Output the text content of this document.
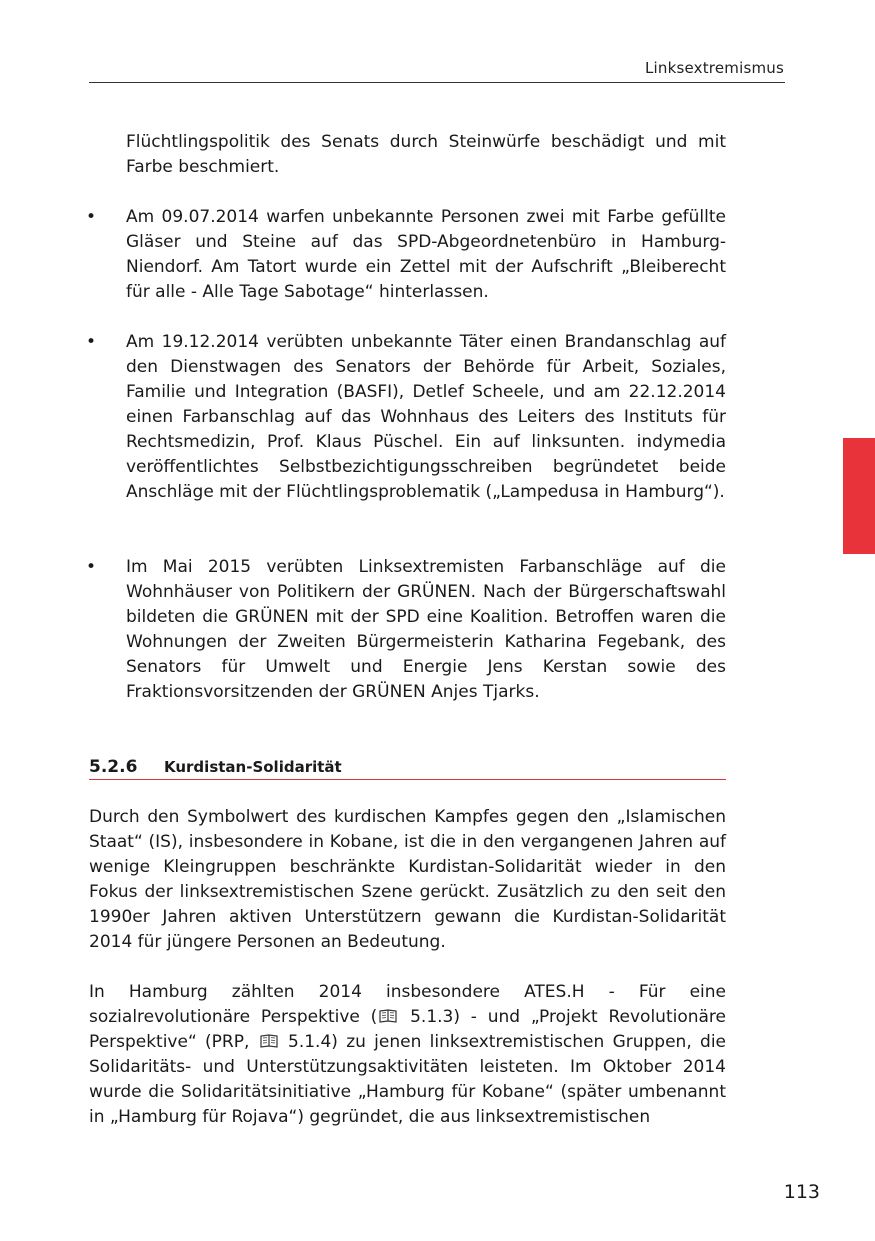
Linksextremismus

Flüchtlingspolitik des Senats durch Steinwürfe beschädigt und mit Farbe beschmiert.

• Am 09.07.2014 warfen unbekannte Personen zwei mit Farbe gefüllte Gläser und Steine auf das SPD-Abgeordnetenbüro in Hamburg-Niendorf. Am Tatort wurde ein Zettel mit der Aufschrift „Bleiberecht für alle - Alle Tage Sabotage“ hinterlassen.

• Am 19.12.2014 verübten unbekannte Täter einen Brandanschlag auf den Dienstwagen des Senators der Behörde für Arbeit, Soziales, Familie und Integration (BASFI), Detlef Scheele, und am 22.12.2014 einen Farbanschlag auf das Wohnhaus des Leiters des Instituts für Rechtsmedizin, Prof. Klaus Püschel. Ein auf linksunten. indymedia veröffentlichtes Selbstbezichtigungsschreiben begründetet beide Anschläge mit der Flüchtlingsproblematik („Lampedusa in Hamburg“).

• Im Mai 2015 verübten Linksextremisten Farbanschläge auf die Wohnhäuser von Politikern der GRÜNEN. Nach der Bürgerschaftswahl bildeten die GRÜNEN mit der SPD eine Koalition. Betroffen waren die Wohnungen der Zweiten Bürgermeisterin Katharina Fegebank, des Senators für Umwelt und Energie Jens Kerstan sowie des Fraktionsvorsitzenden der GRÜNEN Anjes Tjarks.

5.2.6 Kurdistan-Solidarität

Durch den Symbolwert des kurdischen Kampfes gegen den „Islamischen Staat“ (IS), insbesondere in Kobane, ist die in den vergangenen Jahren auf wenige Kleingruppen beschränkte Kurdistan-Solidarität wieder in den Fokus der linksextremistischen Szene gerückt. Zusätzlich zu den seit den 1990er Jahren aktiven Unterstützern gewann die Kurdistan-Solidarität 2014 für jüngere Personen an Bedeutung.

In Hamburg zählten 2014 insbesondere ATES.H - Für eine sozialrevolutionäre Perspektive ( 5.1.3) - und „Projekt Revolutionäre Perspektive“ (PRP,  5.1.4) zu jenen linksextremistischen Gruppen, die Solidaritäts- und Unterstützungsaktivitäten leisteten. Im Oktober 2014 wurde die Solidaritätsinitiative „Hamburg für Kobane“ (später umbenannt in „Hamburg für Rojava“) gegründet, die aus linksextremistischen

113
